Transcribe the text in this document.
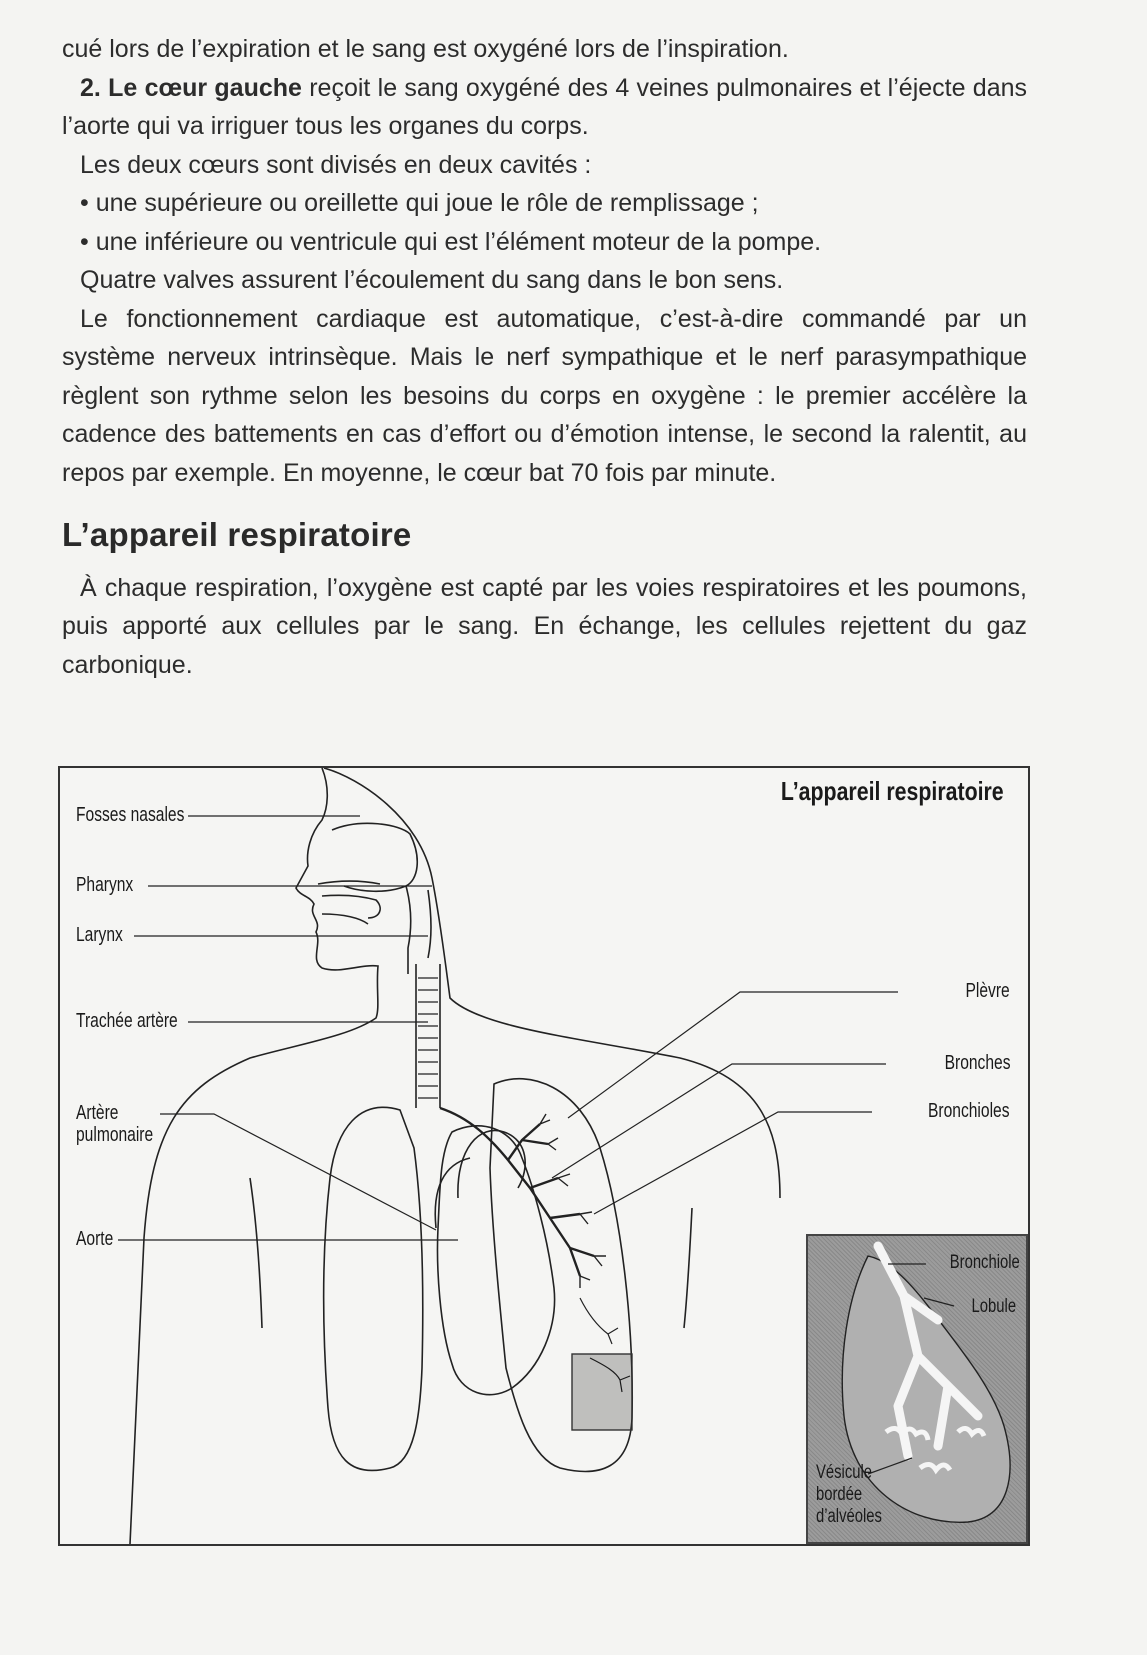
cué lors de l’expiration et le sang est oxygéné lors de l’inspiration.

2. Le cœur gauche reçoit le sang oxygéné des 4 veines pulmonaires et l’éjecte dans l’aorte qui va irriguer tous les organes du corps.

Les deux cœurs sont divisés en deux cavités :

• une supérieure ou oreillette qui joue le rôle de remplissage ;

• une inférieure ou ventricule qui est l’élément moteur de la pompe.

Quatre valves assurent l’écoulement du sang dans le bon sens.

Le fonctionnement cardiaque est automatique, c’est-à-dire commandé par un système nerveux intrinsèque. Mais le nerf sympathique et le nerf parasympathique règlent son rythme selon les besoins du corps en oxygène : le premier accélère la cadence des battements en cas d’effort ou d’émotion intense, le second la ralentit, au repos par exemple. En moyenne, le cœur bat 70 fois par minute.

L’appareil respiratoire

À chaque respiration, l’oxygène est capté par les voies respiratoires et les poumons, puis apporté aux cellules par le sang. En échange, les cellules rejettent du gaz carbonique.

L’appareil respiratoire
Fosses nasales
Pharynx
Larynx
Trachée artère
Artère
pulmonaire
Aorte
Plèvre
Bronches
Bronchioles
Bronchiole
Lobule
Vésicule
bordée
d’alvéoles
